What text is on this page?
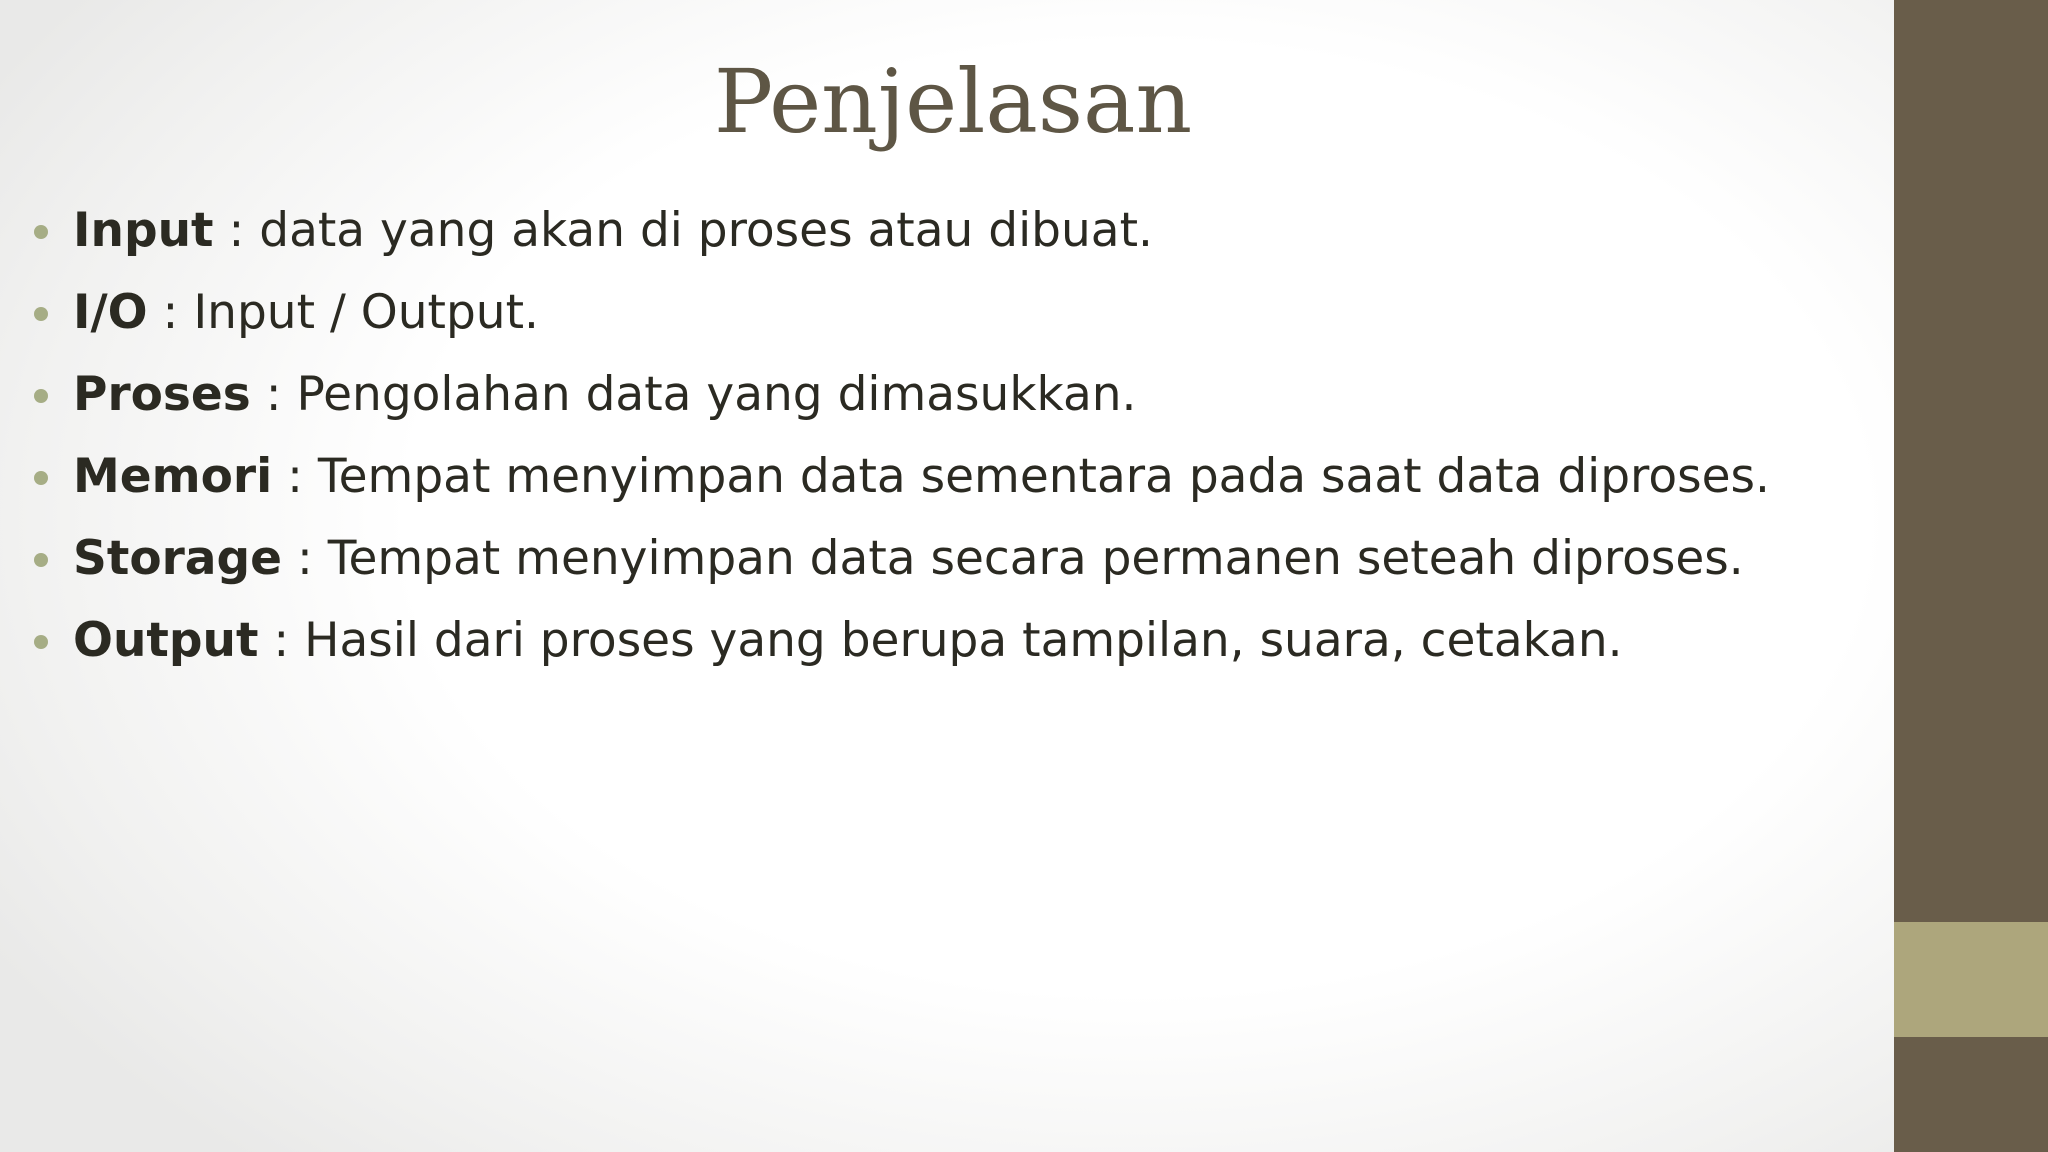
Penjelasan
Input : data yang akan di proses atau dibuat.
I/O : Input / Output.
Proses : Pengolahan data yang dimasukkan.
Memori : Tempat menyimpan data sementara pada saat data diproses.
Storage : Tempat menyimpan data secara permanen seteah diproses.
Output : Hasil dari proses yang berupa tampilan, suara, cetakan.
